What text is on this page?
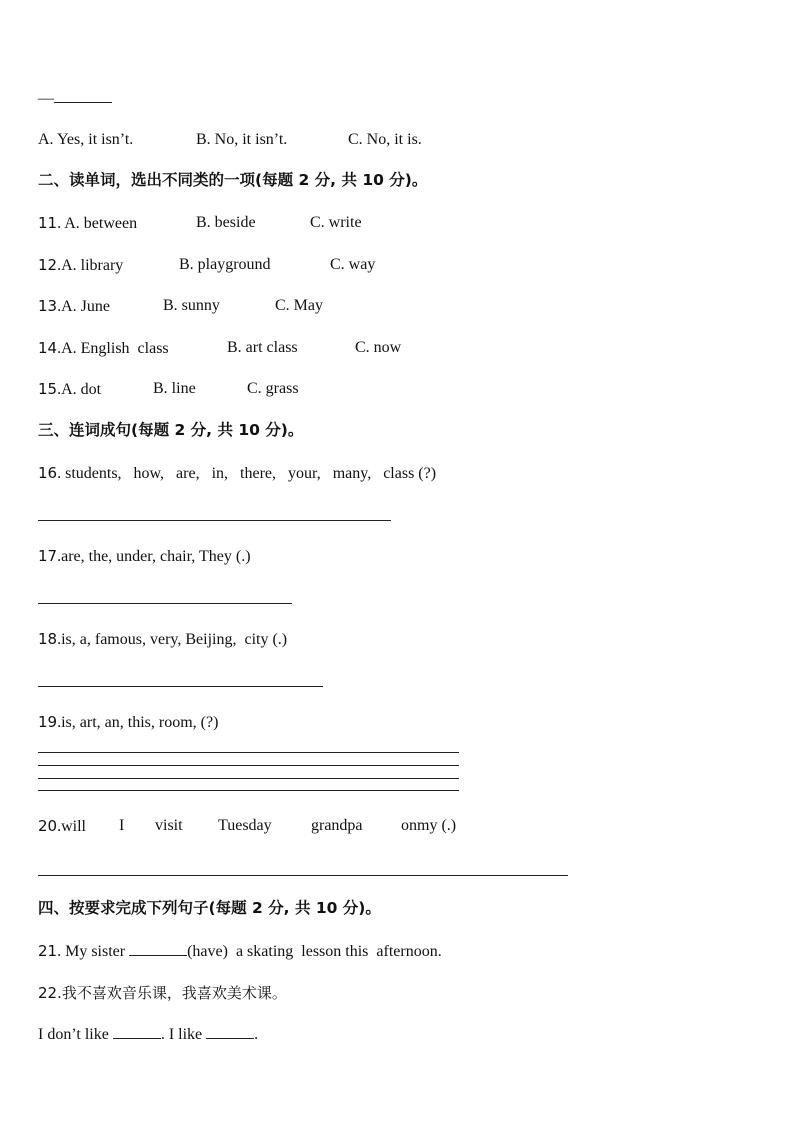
—
A. Yes, it isn’t.	B. No, it isn’t.	C. No, it is.
二、读单词，选出不同类的一项(每题 2 分, 共 10 分)。
11. A. between	B. beside	C. write
12.A. library	B. playground	C. way
13.A. June	B. sunny	C. May
14.A. English  class	B. art class	C. now
15.A. dot	B. line	C. grass
三、连词成句(每题 2 分, 共 10 分)。
16. students,   how,   are,   in,   there,   your,   many,   class (?)
17.are, the, under, chair, They (.)
18.is, a, famous, very, Beijing,  city (.)
19.is, art, an, this, room, (?)
20.will I visit Tuesday grandpa onmy (.)
四、按要求完成下列句子(每题 2 分, 共 10 分)。
21. My sister	(have)  a skating  lesson this  afternoon.
22.我不喜欢音乐课，我喜欢美术课。
I don’t like	. I like	.
